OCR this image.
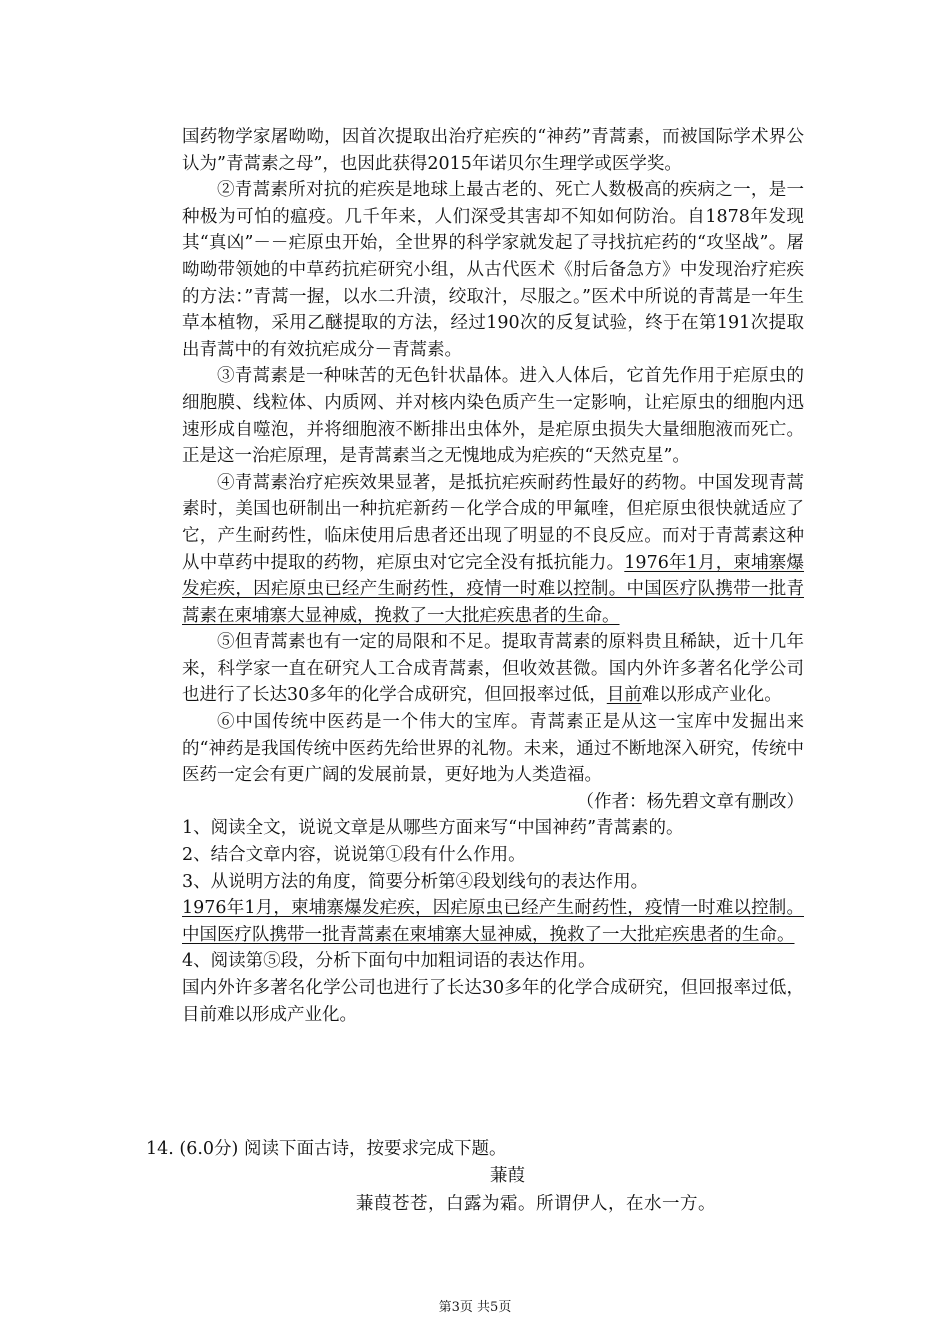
国药物学家屠呦呦，因首次提取出治疗疟疾的“神药”青蒿素，而被国际学术界公认为”青蒿素之母”，也因此获得2015年诺贝尔生理学或医学奖。

②青蒿素所对抗的疟疾是地球上最古老的、死亡人数极高的疾病之一，是一种极为可怕的瘟疫。几千年来，人们深受其害却不知如何防治。自1878年发现其“真凶”－－疟原虫开始，全世界的科学家就发起了寻找抗疟药的“攻坚战”。屠呦呦带领她的中草药抗疟研究小组，从古代医术《肘后备急方》中发现治疗疟疾的方法：”青蒿一握，以水二升渍，绞取汁，尽服之。”医术中所说的青蒿是一年生草本植物，采用乙醚提取的方法，经过190次的反复试验，终于在第191次提取出青蒿中的有效抗疟成分－青蒿素。

③青蒿素是一种味苦的无色针状晶体。进入人体后，它首先作用于疟原虫的细胞膜、线粒体、内质网、并对核内染色质产生一定影响，让疟原虫的细胞内迅速形成自噬泡，并将细胞液不断排出虫体外，是疟原虫损失大量细胞液而死亡。正是这一治疟原理，是青蒿素当之无愧地成为疟疾的“天然克星”。

④青蒿素治疗疟疾效果显著，是抵抗疟疾耐药性最好的药物。中国发现青蒿素时，美国也研制出一种抗疟新药－化学合成的甲氟喹，但疟原虫很快就适应了它，产生耐药性，临床使用后患者还出现了明显的不良反应。而对于青蒿素这种从中草药中提取的药物，疟原虫对它完全没有抵抗能力。1976年1月，柬埔寨爆发疟疾，因疟原虫已经产生耐药性，疫情一时难以控制。中国医疗队携带一批青蒿素在柬埔寨大显神威，挽救了一大批疟疾患者的生命。

⑤但青蒿素也有一定的局限和不足。提取青蒿素的原料贵且稀缺，近十几年来，科学家一直在研究人工合成青蒿素，但收效甚微。国内外许多著名化学公司也进行了长达30多年的化学合成研究，但回报率过低，目前难以形成产业化。

⑥中国传统中医药是一个伟大的宝库。青蒿素正是从这一宝库中发掘出来的“神药是我国传统中医药先给世界的礼物。未来，通过不断地深入研究，传统中医药一定会有更广阔的发展前景，更好地为人类造福。

（作者：杨先碧文章有删改）

1、阅读全文，说说文章是从哪些方面来写“中国神药”青蒿素的。

2、结合文章内容，说说第①段有什么作用。

3、从说明方法的角度，简要分析第④段划线句的表达作用。

1976年1月，柬埔寨爆发疟疾，因疟原虫已经产生耐药性，疫情一时难以控制。中国医疗队携带一批青蒿素在柬埔寨大显神威，挽救了一大批疟疾患者的生命。

4、阅读第⑤段，分析下面句中加粗词语的表达作用。

国内外许多著名化学公司也进行了长达30多年的化学合成研究，但回报率过低，目前难以形成产业化。

14. (6.0分) 阅读下面古诗，按要求完成下题。
蒹葭
蒹葭苍苍，白露为霜。所谓伊人，在水一方。
第3页 共5页
